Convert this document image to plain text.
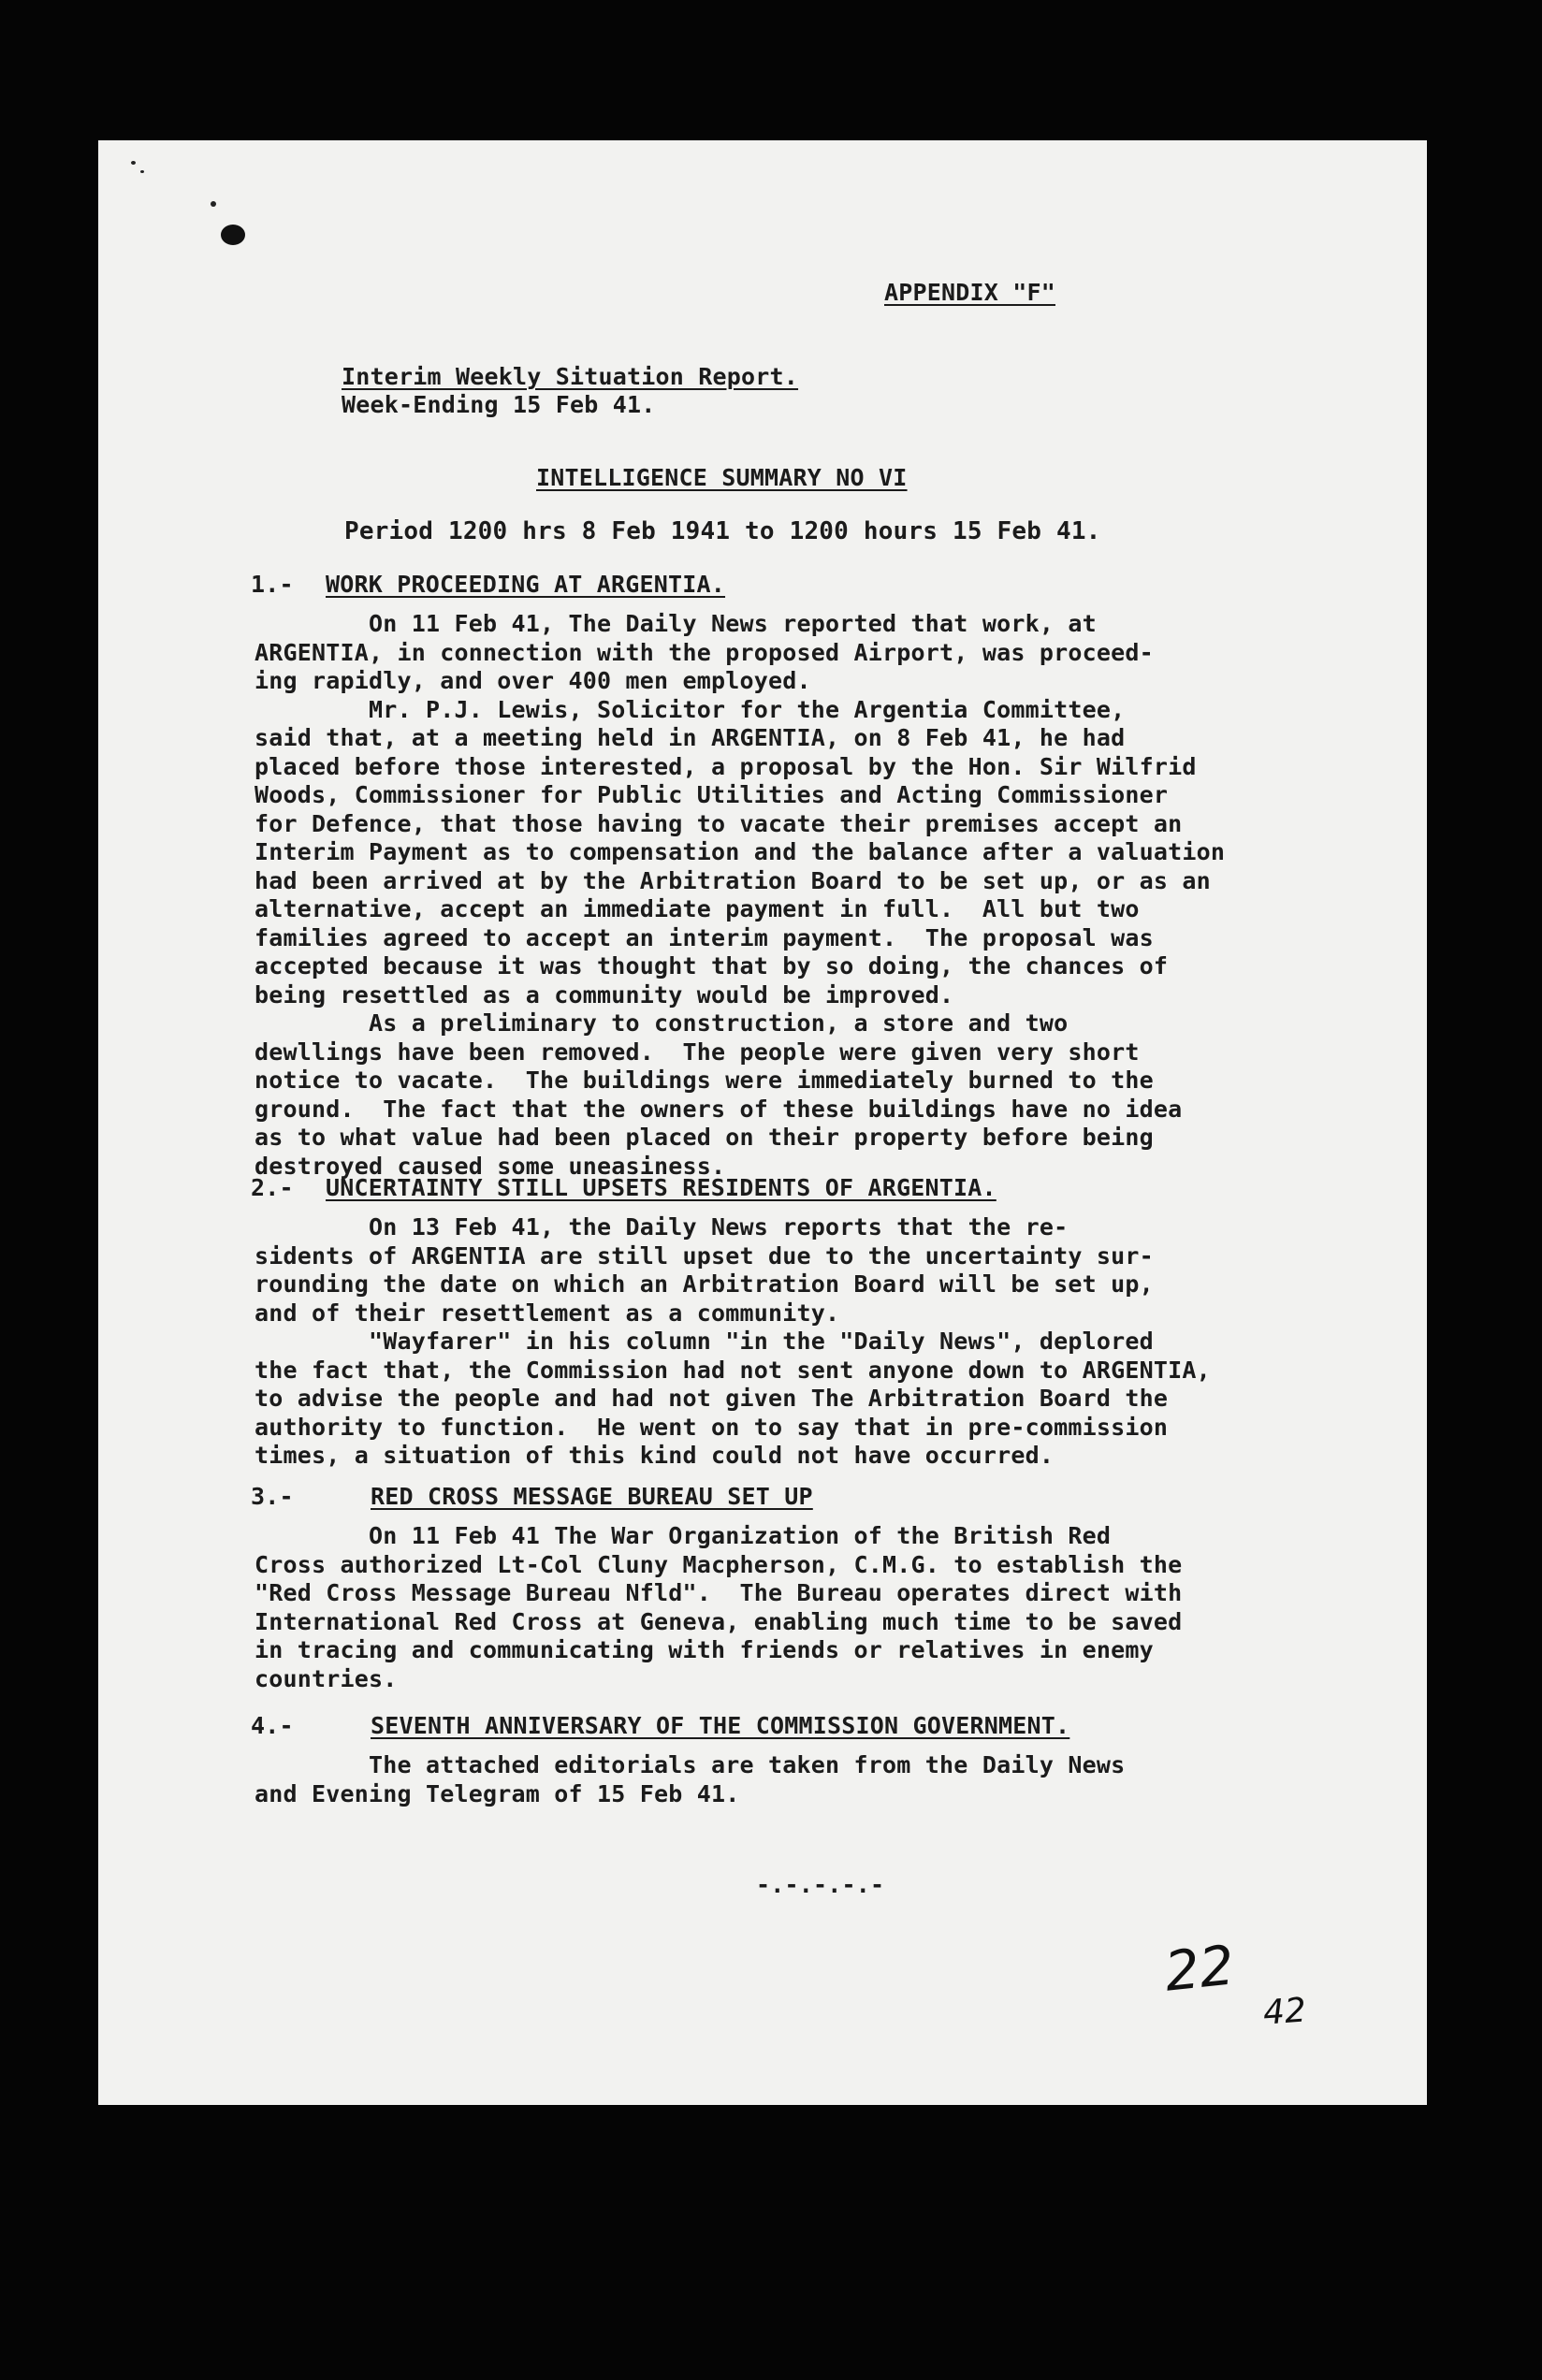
APPENDIX "F"
Interim Weekly Situation Report.
Week-Ending 15 Feb 41.
INTELLIGENCE SUMMARY NO VI
Period 1200 hrs 8 Feb 1941 to 1200 hours 15 Feb 41.
1.- WORK PROCEEDING AT ARGENTIA.
On 11 Feb 41, The Daily News reported that work, at
ARGENTIA, in connection with the proposed Airport, was proceed-
ing rapidly, and over 400 men employed.
Mr. P.J. Lewis, Solicitor for the Argentia Committee,
said that, at a meeting held in ARGENTIA, on 8 Feb 41, he had
placed before those interested, a proposal by the Hon. Sir Wilfrid
Woods, Commissioner for Public Utilities and Acting Commissioner
for Defence, that those having to vacate their premises accept an
Interim Payment as to compensation and the balance after a valuation
had been arrived at by the Arbitration Board to be set up, or as an
alternative, accept an immediate payment in full.  All but two
families agreed to accept an interim payment.  The proposal was
accepted because it was thought that by so doing, the chances of
being resettled as a community would be improved.
As a preliminary to construction, a store and two
dewllings have been removed.  The people were given very short
notice to vacate.  The buildings were immediately burned to the
ground.  The fact that the owners of these buildings have no idea
as to what value had been placed on their property before being
destroyed caused some uneasiness.
2.- UNCERTAINTY STILL UPSETS RESIDENTS OF ARGENTIA.
On 13 Feb 41, the Daily News reports that the re-
sidents of ARGENTIA are still upset due to the uncertainty sur-
rounding the date on which an Arbitration Board will be set up,
and of their resettlement as a community.
"Wayfarer" in his column "in the "Daily News", deplored
the fact that, the Commission had not sent anyone down to ARGENTIA,
to advise the people and had not given The Arbitration Board the
authority to function.  He went on to say that in pre-commission
times, a situation of this kind could not have occurred.
3.-	RED CROSS MESSAGE BUREAU SET UP
On 11 Feb 41 The War Organization of the British Red
Cross authorized Lt-Col Cluny Macpherson, C.M.G. to establish the
"Red Cross Message Bureau Nfld".  The Bureau operates direct with
International Red Cross at Geneva, enabling much time to be saved
in tracing and communicating with friends or relatives in enemy
countries.
4.-	SEVENTH ANNIVERSARY OF THE COMMISSION GOVERNMENT.
The attached editorials are taken from the Daily News
and Evening Telegram of 15 Feb 41.
-.-.-.-.-
22
42
